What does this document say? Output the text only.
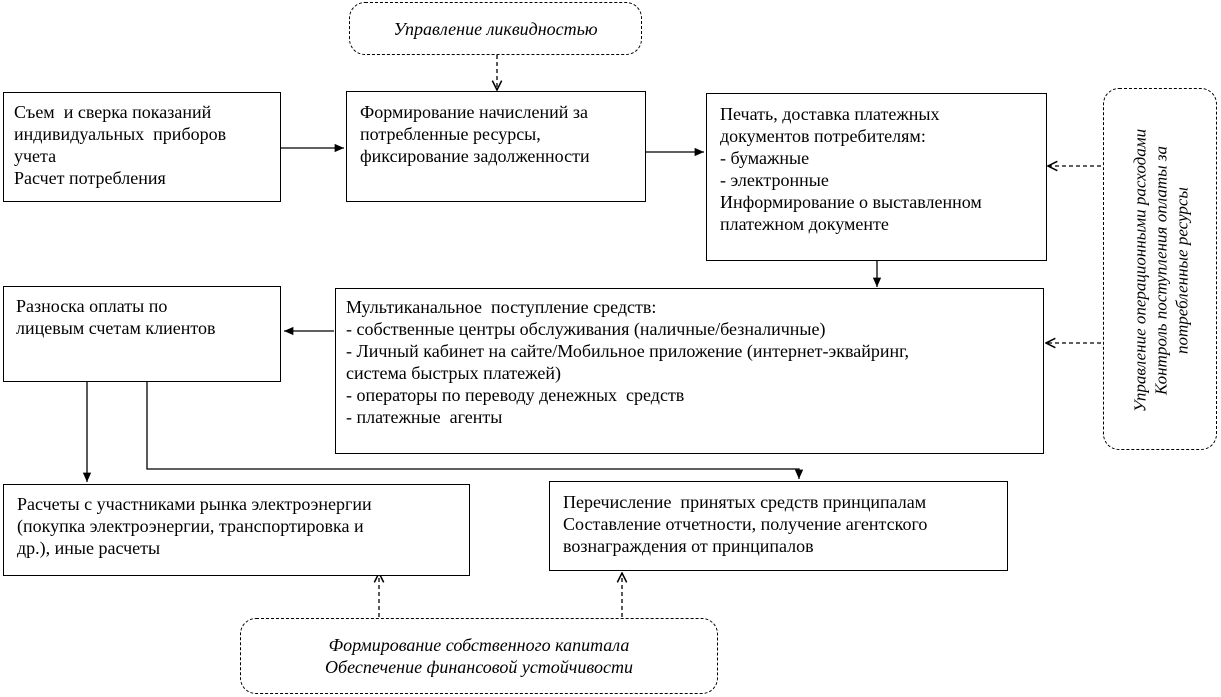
Управление ликвидностью
Съем  и сверка показаний
индивидуальных  приборов
учета
Расчет потребления
Формирование начислений за
потребленные ресурсы,
фиксирование задолженности
Печать, доставка платежных
документов потребителям:
- бумажные
- электронные
Информирование о выставленном
платежном документе	Управление операционными расходами Контроль поступления оплаты за потребленные ресурсы
Разноска оплаты по
лицевым счетам клиентов
Мультиканальное  поступление средств:
- собственные центры обслуживания (наличные/безналичные)
- Личный кабинет на сайте/Мобильное приложение (интернет-эквайринг,
система быстрых платежей)
- операторы по переводу денежных  средств
- платежные  агенты
Расчеты с участниками рынка электроэнергии
(покупка электроэнергии, транспортировка и
др.), иные расчеты
Перечисление  принятых средств принципалам
Составление отчетности, получение агентского
вознаграждения от принципалов
Формирование собственного капитала
Обеспечение финансовой устойчивости
